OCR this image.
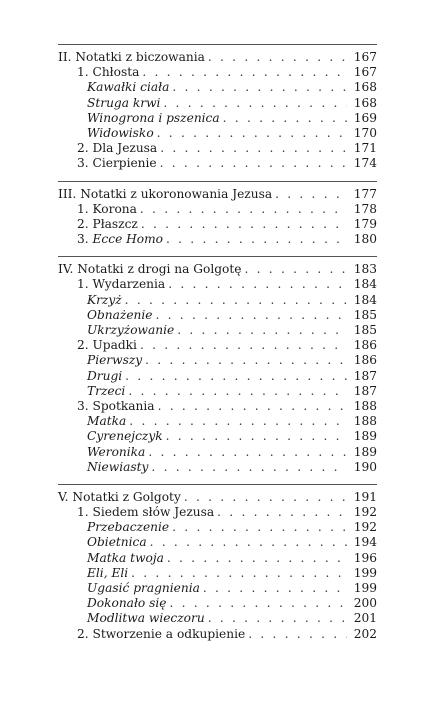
II. Notatki z biczowania . . .	167
1. Chłosta . . .	167
Kawałki ciała . . .	168
Struga krwi . . .	168
Winogrona i pszenica . . .	169
Widowisko . . .	170
2. Dla Jezusa . . .	171
3. Cierpienie . . .	174
III. Notatki z ukoronowania Jezusa . . .	177
1. Korona . . .	178
2. Płaszcz . . .	179
3. Ecce Homo . . .	180
IV. Notatki z drogi na Golgotę . . .	183
1. Wydarzenia . . .	184
Krzyż . . .	184
Obnażenie . . .	185
Ukrzyżowanie . . .	185
2. Upadki . . .	186
Pierwszy . . .	186
Drugi . . .	187
Trzeci . . .	187
3. Spotkania . . .	188
Matka . . .	188
Cyrenejczyk . . .	189
Weronika . . .	189
Niewiasty . . .	190
V. Notatki z Golgoty . . .	191
1. Siedem słów Jezusa . . .	192
Przebaczenie . . .	192
Obietnica . . .	194
Matka twoja . . .	196
Eli, Eli . . .	199
Ugasić pragnienia . . .	199
Dokonało się . . .	200
Modlitwa wieczoru . . .	201
2. Stworzenie a odkupienie . . .	202
